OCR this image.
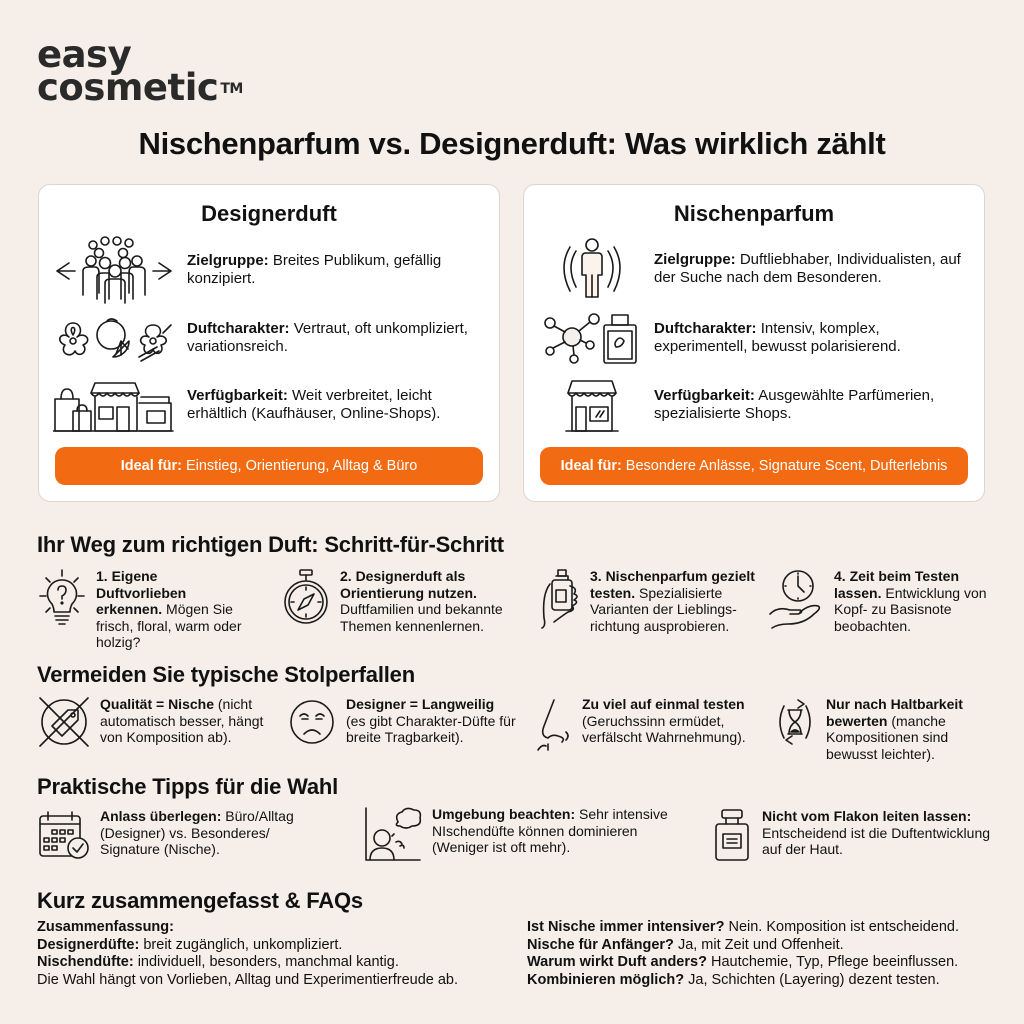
easy
cosmetic ™
Nischenparfum vs. Designerduft: Was wirklich zählt
Designerduft
Zielgruppe: Breites Publikum, gefällig konzipiert.
Duftcharakter: Vertraut, oft unkompliziert, variationsreich.
Verfügbarkeit: Weit verbreitet, leicht erhältlich (Kaufhäuser, Online-Shops).
Ideal für: Einstieg, Orientierung, Alltag & Büro
Nischenparfum
Zielgruppe: Duftliebhaber, Individualisten, auf der Suche nach dem Besonderen.
Duftcharakter: Intensiv, komplex, experimentell, bewusst polarisierend.
Verfügbarkeit: Ausgewählte Parfümerien, spezialisierte Shops.
Ideal für: Besondere Anlässe, Signature Scent, Dufterlebnis
Ihr Weg zum richtigen Duft: Schritt-für-Schritt
1. Eigene Duftvorlieben erkennen. Mögen Sie frisch, floral, warm oder holzig?
2. Designerduft als Orientierung nutzen. Duftfamilien und bekannte Themen kennenlernen.
3. Nischenparfum gezielt testen. Spezialisierte Varianten der Lieblings-richtung ausprobieren.
4. Zeit beim Testen lassen. Entwicklung von Kopf- zu Basisnote beobachten.
Vermeiden Sie typische Stolperfallen
Qualität = Nische (nicht automatisch besser, hängt von Komposition ab).
Designer = Langweilig (es gibt Charakter-Düfte für breite Tragbarkeit).
Zu viel auf einmal testen (Geruchssinn ermüdet, verfälscht Wahrnehmung).
Nur nach Haltbarkeit bewerten (manche Kompositionen sind bewusst leichter).
Praktische Tipps für die Wahl
Anlass überlegen: Büro/Alltag (Designer) vs. Besonderes/ Signature (Nische).
Umgebung beachten: Sehr intensive NIschendüfte können dominieren (Weniger ist oft mehr).
Nicht vom Flakon leiten lassen: Entscheidend ist die Duftentwicklung auf der Haut.
Kurz zusammengefasst & FAQs
Zusammenfassung:
Designerdüfte: breit zugänglich, unkompliziert.
Nischendüfte: individuell, besonders, manchmal kantig.
Die Wahl hängt von Vorlieben, Alltag und Experimentierfreude ab.
Ist Nische immer intensiver? Nein. Komposition ist entscheidend.
Nische für Anfänger? Ja, mit Zeit und Offenheit.
Warum wirkt Duft anders? Hautchemie, Typ, Pflege beeinflussen.
Kombinieren möglich? Ja, Schichten (Layering) dezent testen.
